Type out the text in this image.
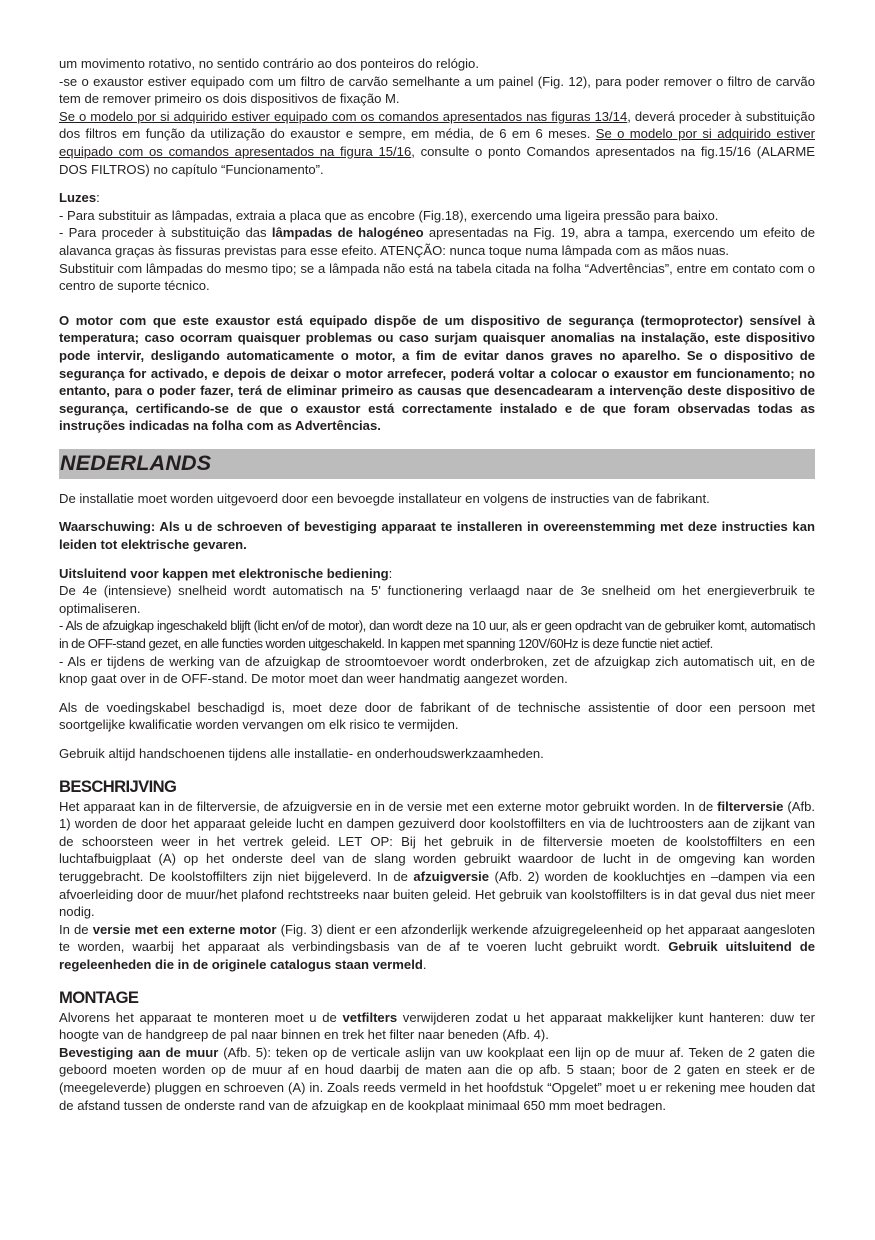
um movimento rotativo, no sentido contrário ao dos ponteiros do relógio.

-se o exaustor estiver equipado com um filtro de carvão semelhante a um painel (Fig. 12), para poder remover o filtro de carvão tem de remover primeiro os dois dispositivos de fixação M.

Se o modelo por si adquirido estiver equipado com os comandos apresentados nas figuras 13/14, deverá proceder à substituição dos filtros em função da utilização do exaustor e sempre, em média, de 6 em 6 meses. Se o modelo por si adquirido estiver equipado com os comandos apresentados na figura 15/16, consulte o ponto Comandos apresentados na fig.15/16 (ALARME DOS FILTROS) no capítulo “Funcionamento”.

Luzes:

- Para substituir as lâmpadas, extraia a placa que as encobre (Fig.18), exercendo uma ligeira pressão para baixo.

- Para proceder à substituição das lâmpadas de halogéneo apresentadas na Fig. 19, abra a tampa, exercendo um efeito de alavanca graças às fissuras previstas para esse efeito. ATENÇÃO: nunca toque numa lâmpada com as mãos nuas.

Substituir com lâmpadas do mesmo tipo; se a lâmpada não está na tabela citada na folha “Advertências”, entre em contato com o centro de suporte técnico.

O motor com que este exaustor está equipado dispõe de um dispositivo de segurança (termoprotector) sensível à temperatura; caso ocorram quaisquer problemas ou caso surjam quaisquer anomalias na instalação, este dispositivo pode intervir, desligando automaticamente o motor, a fim de evitar danos graves no aparelho. Se o dispositivo de segurança for activado, e depois de deixar o motor arrefecer, poderá voltar a colocar o exaustor em funcionamento; no entanto, para o poder fazer, terá de eliminar primeiro as causas que desencadearam a intervenção deste dispositivo de segurança, certificando-se de que o exaustor está correctamente instalado e de que foram observadas todas as instruções indicadas na folha com as Advertências.

NEDERLANDS

De installatie moet worden uitgevoerd door een bevoegde installateur en volgens de instructies van de fabrikant.

Waarschuwing: Als u de schroeven of bevestiging apparaat te installeren in overeenstemming met deze instructies kan leiden tot elektrische gevaren.

Uitsluitend voor kappen met elektronische bediening:

De 4e (intensieve) snelheid wordt automatisch na 5' functionering verlaagd naar de 3e snelheid om het energieverbruik te optimaliseren.

- Als de afzuigkap ingeschakeld blijft (licht en/of de motor), dan wordt deze na 10 uur, als er geen opdracht van de gebruiker komt, automatisch in de OFF-stand gezet, en alle functies worden uitgeschakeld. In kappen met spanning 120V/60Hz is deze functie niet actief.

- Als er tijdens de werking van de afzuigkap de stroomtoevoer wordt onderbroken, zet de afzuigkap zich automatisch uit, en de knop gaat over in de OFF-stand. De motor moet dan weer handmatig aangezet worden.

Als de voedingskabel beschadigd is, moet deze door de fabrikant of de technische assistentie of door een persoon met soortgelijke kwalificatie worden vervangen om elk risico te vermijden.

Gebruik altijd handschoenen tijdens alle installatie- en onderhoudswerkzaamheden.

BESCHRIJVING

Het apparaat kan in de filterversie, de afzuigversie en in de versie met een externe motor gebruikt worden. In de filterversie (Afb. 1) worden de door het apparaat geleide lucht en dampen gezuiverd door koolstoffilters en via de luchtroosters aan de zijkant van de schoorsteen weer in het vertrek geleid. LET OP: Bij het gebruik in de filterversie moeten de koolstoffilters en een luchtafbuigplaat (A) op het onderste deel van de slang worden gebruikt waardoor de lucht in de omgeving kan worden teruggebracht. De koolstoffilters zijn niet bijgeleverd. In de afzuigversie (Afb. 2) worden de kookluchtjes en –dampen via een afvoerleiding door de muur/het plafond rechtstreeks naar buiten geleid. Het gebruik van koolstoffilters is in dat geval dus niet meer nodig.

In de versie met een externe motor (Fig. 3) dient er een afzonderlijk werkende afzuigregeleenheid op het apparaat aangesloten te worden, waarbij het apparaat als verbindingsbasis van de af te voeren lucht gebruikt wordt. Gebruik uitsluitend de regeleenheden die in de originele catalogus staan vermeld.

MONTAGE

Alvorens het apparaat te monteren moet u de vetfilters verwijderen zodat u het apparaat makkelijker kunt hanteren: duw ter hoogte van de handgreep de pal naar binnen en trek het filter naar beneden (Afb. 4).

Bevestiging aan de muur (Afb. 5): teken op de verticale aslijn van uw kookplaat een lijn op de muur af. Teken de 2 gaten die geboord moeten worden op de muur af en houd daarbij de maten aan die op afb. 5 staan; boor de 2 gaten en steek er de (meegeleverde) pluggen en schroeven (A) in. Zoals reeds vermeld in het hoofdstuk “Opgelet” moet u er rekening mee houden dat de afstand tussen de onderste rand van de afzuigkap en de kookplaat minimaal 650 mm moet bedragen.
